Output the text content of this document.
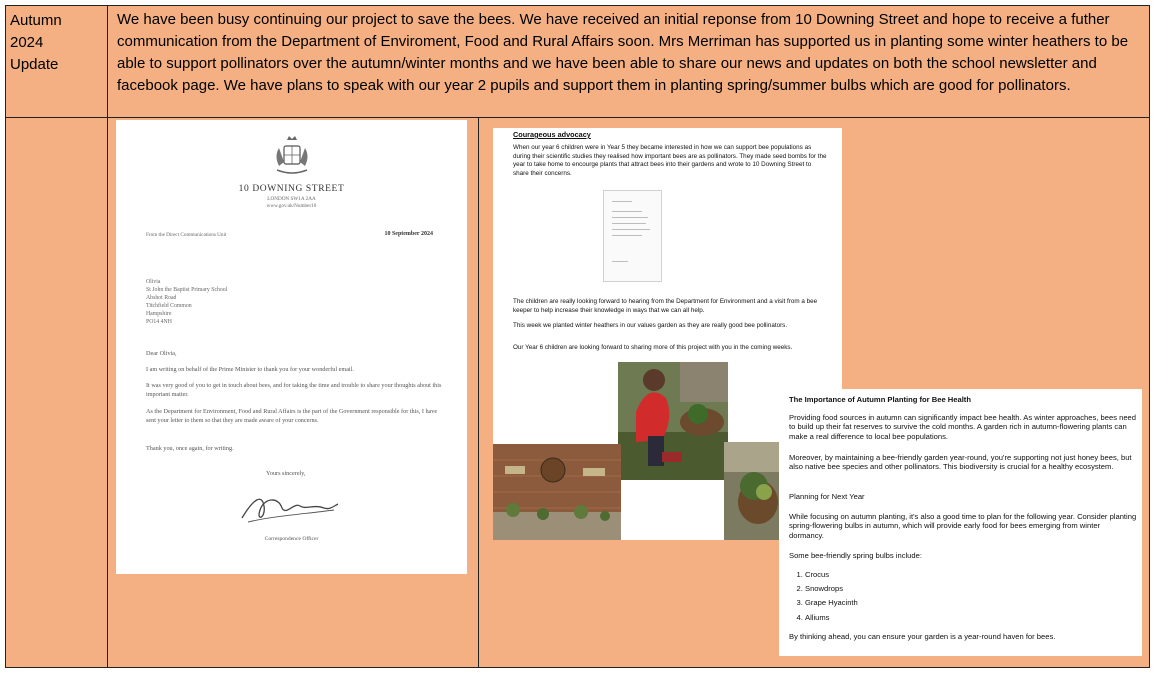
Autumn
2024
Update
We have been busy continuing our project to save the bees. We have received an initial reponse from 10 Downing Street and hope to receive a futher communication from the Department of Enviroment, Food and Rural Affairs soon. Mrs Merriman has supported us in planting some winter heathers to be able to support pollinators over the autumn/winter months and we have been able to share our news and updates on both the school newsletter and facebook page. We have plans to speak with our year 2 pupils and support them in planting spring/summer bulbs which are good for pollinators.
10 DOWNING STREET
LONDON SW1A 2AA
www.gov.uk/Number10
From the Direct Communications Unit	10 September 2024
Olivia
St John the Baptist Primary School
Abshot Road
Titchfield Common
Hampshire
PO14 4NH
Dear Olivia,
I am writing on behalf of the Prime Minister to thank you for your wonderful email.
It was very good of you to get in touch about bees, and for taking the time and trouble to share your thoughts about this important matter.
As the Department for Environment, Food and Rural Affairs is the part of the Government responsible for this, I have sent your letter to them so that they are made aware of your concerns.
Thank you, once again, for writing.
Yours sincerely,
Correspondence Officer
Courageous advocacy
When our year 6 children were in Year 5 they became interested in how we can support bee populations as during their scientific studies they realised how important bees are as pollinators. They made seed bombs for the year to take home to encourge plants that attract bees into their gardens and wrote to 10 Downing Street to share their concerns.
The children are really looking forward to hearing from the Department for Environment and a visit from a bee keeper to help increase their knowledge in ways that we can all help.
This week we planted winter heathers in our values garden as they are really good bee pollinators.
Our Year 6 children are looking forward to sharing more of this project with you in the coming weeks.
The Importance of Autumn Planting for Bee Health
Providing food sources in autumn can significantly impact bee health. As winter approaches, bees need to build up their fat reserves to survive the cold months. A garden rich in autumn-flowering plants can make a real difference to local bee populations.
Moreover, by maintaining a bee-friendly garden year-round, you're supporting not just honey bees, but also native bee species and other pollinators. This biodiversity is crucial for a healthy ecosystem.
Planning for Next Year
While focusing on autumn planting, it's also a good time to plan for the following year. Consider planting spring-flowering bulbs in autumn, which will provide early food for bees emerging from winter dormancy.
Some bee-friendly spring bulbs include:
1. Crocus
2. Snowdrops
3. Grape Hyacinth
4. Alliums
By thinking ahead, you can ensure your garden is a year-round haven for bees.
